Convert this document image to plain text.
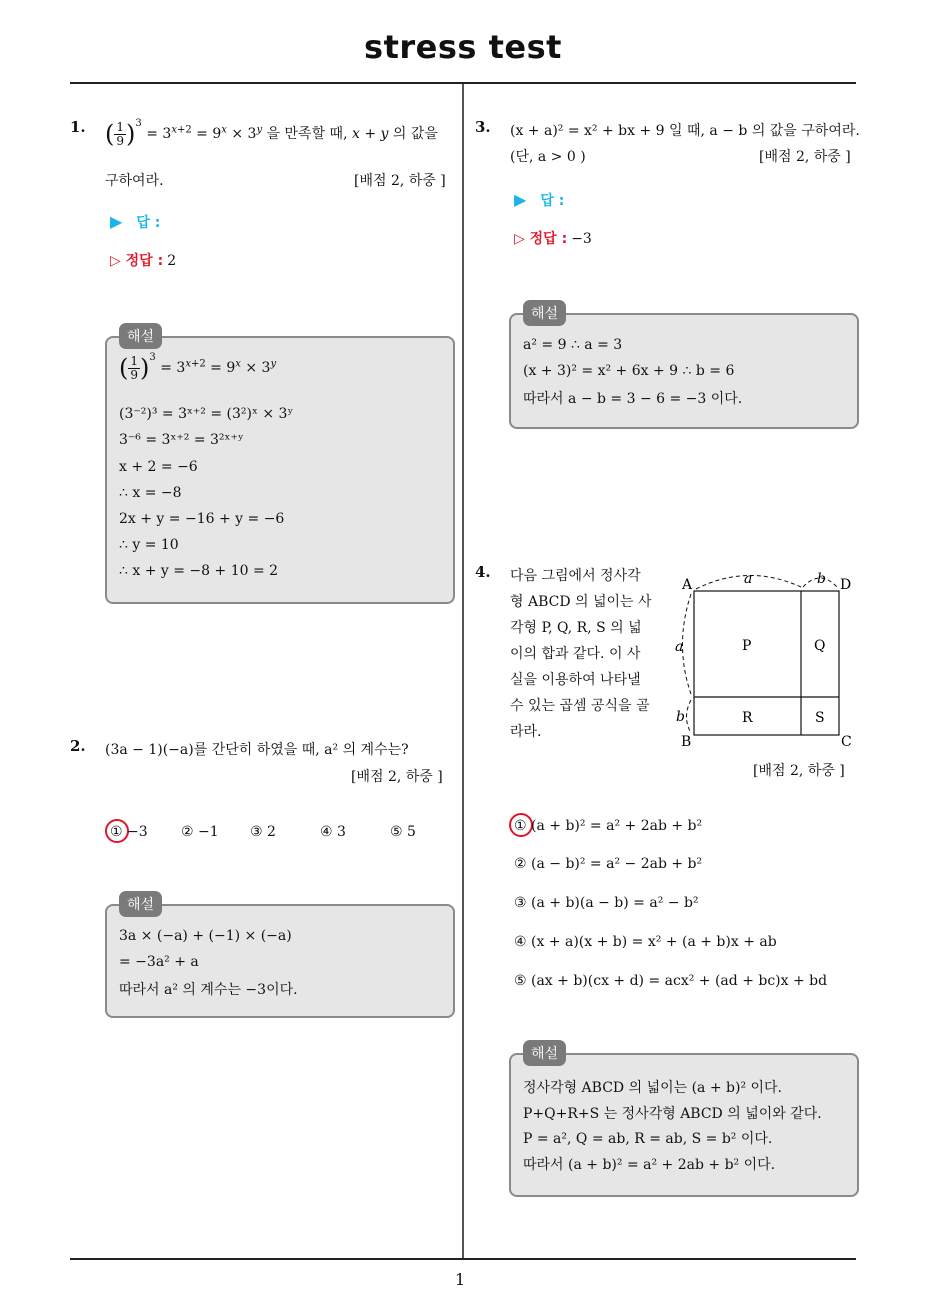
stress test
1
1. ( $\frac{1}{9} )^3 = 3^{x+2} = 9^x \times 3^y$ 을 만족할 때, x + y 의 값을
구하여라.	[배점 2, 하중 ]
▶ 답 :
▷ 정답 : 2
( $\frac{1}{9} )^3 = 3^{x+2} = 9^x \times 3^y$
(3⁻²)³ = 3ˣ⁺² = (3²)ˣ × 3ʸ
3⁻⁶ = 3ˣ⁺² = 3²ˣ⁺ʸ
x + 2 = −6
∴ x = −8
2x + y = −16 + y = −6
∴ y = 10
∴ x + y = −8 + 10 = 2
해설
2. (3a − 1)(−a)를 간단히 하였을 때, a² 의 계수는?
[배점 2, 하중 ]
① −3 ② −1 ③ 2	④ 3	⑤ 5
3a × (−a) + (−1) × (−a)
= −3a² + a
따라서 a² 의 계수는 −3이다.
해설
3. (x + a)² = x² + bx + 9 일 때, a − b 의 값을 구하여라.
(단, a > 0 )	[배점 2, 하중 ]
▶ 답 :
▷ 정답 : −3
a² = 9 ∴ a = 3
(x + 3)² = x² + 6x + 9 ∴ b = 6
따라서 a − b = 3 − 6 = −3 이다.
해설
4. 다음 그림에서 정사각
형 ABCD 의 넓이는 사
각형 P, Q, R, S 의 넓
이의 합과 같다. 이 사
실을 이용하여 나타낼
수 있는 곱셈 공식을 골
라라.
A	D
B	C
P	Q
R	S
a	b
a
b
[배점 2, 하중 ]
① (a + b)² = a² + 2ab + b²
② (a − b)² = a² − 2ab + b²
③ (a + b)(a − b) = a² − b²
④ (x + a)(x + b) = x² + (a + b)x + ab
⑤ (ax + b)(cx + d) = acx² + (ad + bc)x + bd
정사각형 ABCD 의 넓이는 (a + b)² 이다.
P+Q+R+S 는 정사각형 ABCD 의 넓이와 같다.
P = a², Q = ab, R = ab, S = b² 이다.
따라서 (a + b)² = a² + 2ab + b² 이다.
해설
